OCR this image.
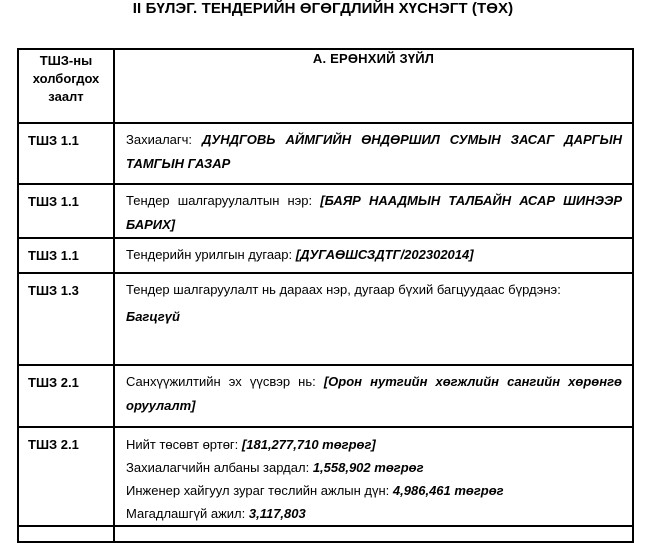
II БҮЛЭГ. ТЕНДЕРИЙН ӨГӨГДЛИЙН ХҮСНЭГТ (ТӨХ)
ТШЗ-ны холбогдох заалт	А. ЕРӨНХИЙ ЗҮЙЛ
ТШЗ 1.1	Захиалагч: ДУНДГОВЬ АЙМГИЙН ӨНДӨРШИЛ СУМЫН ЗАСАГ ДАРГЫН ТАМГЫН ГАЗАР

ТШЗ 1.1	Тендер шалгаруулалтын нэр: [БАЯР НААДМЫН ТАЛБАЙН АСАР ШИНЭЭР БАРИХ]

ТШЗ 1.1	Тендерийн урилгын дугаар: [ДУГАӨШСЗДТГ/202302014]

ТШЗ 1.3	Тендер шалгаруулалт нь дараах нэр, дугаар бүхий багцуудаас бүрдэнэ:

Багцгүй

ТШЗ 2.1	Санхүүжилтийн эх үүсвэр нь: [Орон нутгийн хөгжлийн сангийн хөрөнгө оруулалт]

ТШЗ 2.1	Нийт төсөвт өртөг: [181,277,710 төгрөг]

Захиалагчийн албаны зардал: 1,558,902 төгрөг

Инженер хайгуул зураг төслийн ажлын дүн: 4,986,461 төгрөг

Магадлашгүй ажил: 3,117,803
